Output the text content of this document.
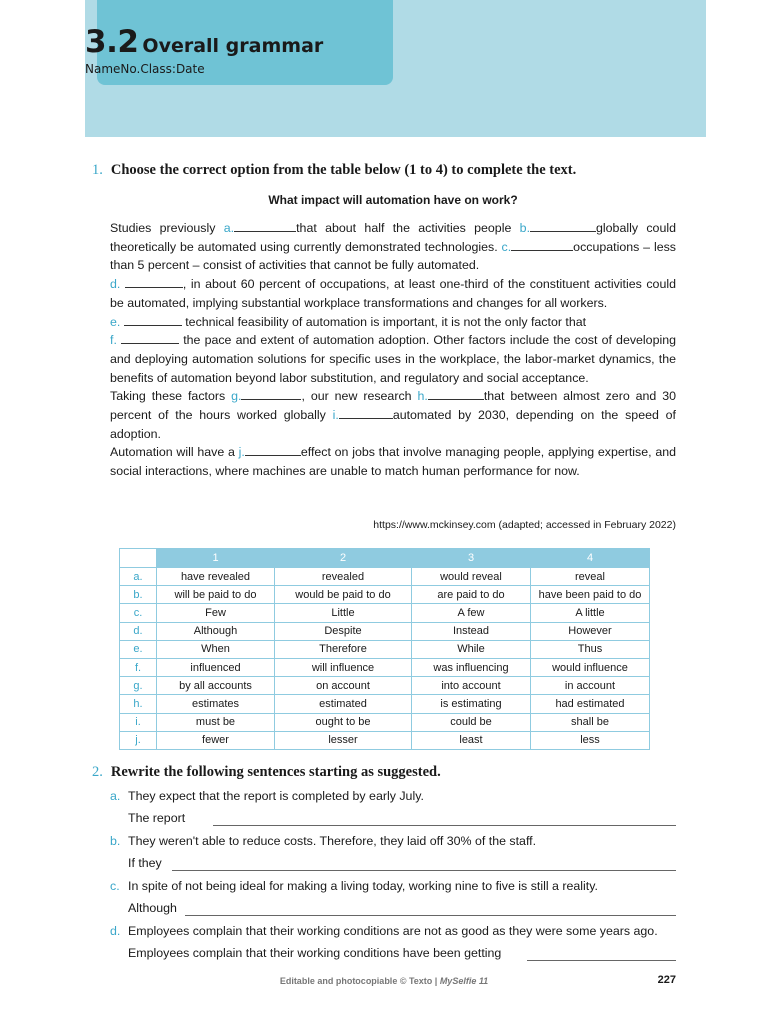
3.2 Overall grammar
NameNo.Class:Date
1. Choose the correct option from the table below (1 to 4) to complete the text.
What impact will automation have on work?

Studies previously a.	that about half the activities people b.	globally could theoretically be automated using currently demonstrated technologies. c.	occupations – less than 5 percent – consist of activities that cannot be fully automated.

d.	, in about 60 percent of occupations, at least one-third of the constituent activities could be automated, implying substantial workplace transformations and changes for all workers.

e.	technical feasibility of automation is important, it is not the only factor that

f.	the pace and extent of automation adoption. Other factors include the cost of developing and deploying automation solutions for specific uses in the workplace, the labor-market dynamics, the benefits of automation beyond labor substitution, and regulatory and social acceptance.

Taking these factors g.	, our new research h.	that between almost zero and 30 percent of the hours worked globally i.	automated by 2030, depending on the speed of adoption.

Automation will have a j.	effect on jobs that involve managing people, applying expertise, and social interactions, where machines are unable to match human performance for now.

https://www.mckinsey.com (adapted; accessed in February 2022)
	1	2	3	4
a.	have revealed	revealed	would reveal	reveal
b.	will be paid to do	would be paid to do	are paid to do	have been paid to do
c.	Few	Little	A few	A little
d.	Although	Despite	Instead	However
e.	When	Therefore	While	Thus
f.	influenced	will influence	was influencing	would influence
g.	by all accounts	on account	into account	in account
h.	estimates	estimated	is estimating	had estimated
i.	must be	ought to be	could be	shall be
j.	fewer	lesser	least	less
2. Rewrite the following sentences starting as suggested.
a. They expect that the report is completed by early July.
The report
b. They weren't able to reduce costs. Therefore, they laid off 30% of the staff.
If they
c. In spite of not being ideal for making a living today, working nine to five is still a reality.
Although
d. Employees complain that their working conditions are not as good as they were some years ago.
Employees complain that their working conditions have been getting
Editable and photocopiable © Texto | MySelfie 11	227
